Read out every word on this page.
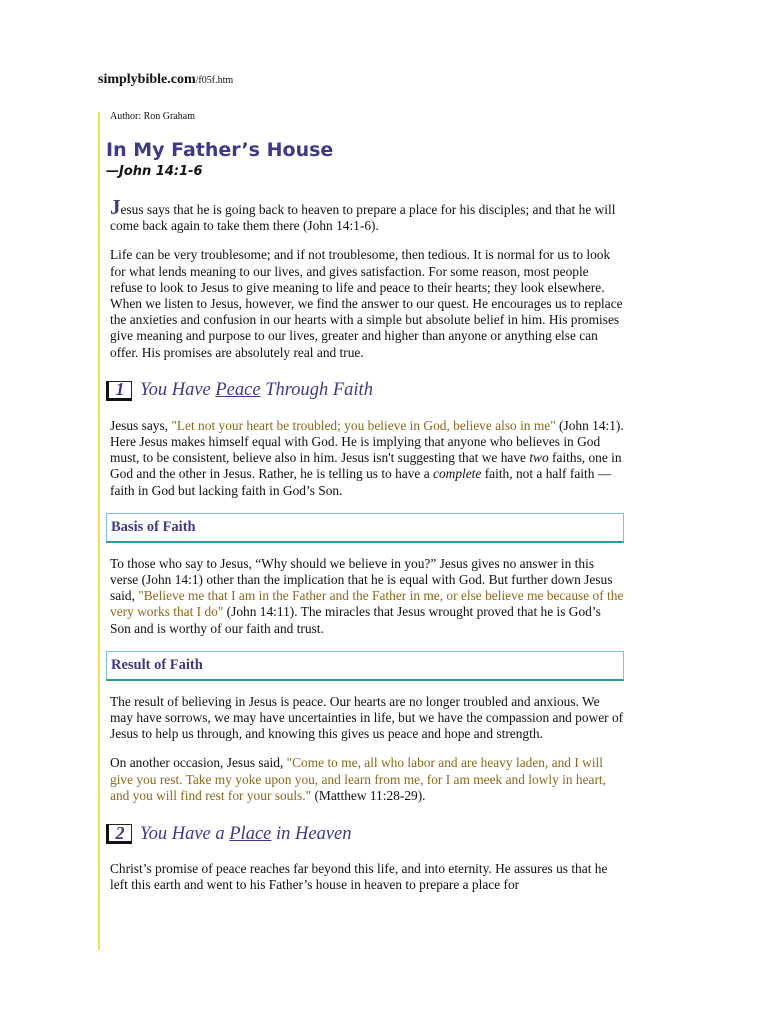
simplybible.com/f05f.htm
Author: Ron Graham
In My Father’s House
—John 14:1-6

Jesus says that he is going back to heaven to prepare a place for his disciples; and that he will come back again to take them there (John 14:1-6).

Life can be very troublesome; and if not troublesome, then tedious. It is normal for us to look for what lends meaning to our lives, and gives satisfaction. For some reason, most people refuse to look to Jesus to give meaning to life and peace to their hearts; they look elsewhere. When we listen to Jesus, however, we find the answer to our quest. He encourages us to replace the anxieties and confusion in our hearts with a simple but absolute belief in him. His promises give meaning and purpose to our lives, greater and higher than anyone or anything else can offer. His promises are absolutely real and true.

1 You Have Peace Through Faith

Jesus says, "Let not your heart be troubled; you believe in God, believe also in me" (John 14:1). Here Jesus makes himself equal with God. He is implying that anyone who believes in God must, to be consistent, believe also in him. Jesus isn't suggesting that we have two faiths, one in God and the other in Jesus. Rather, he is telling us to have a complete faith, not a half faith —faith in God but lacking faith in God’s Son.

Basis of Faith

To those who say to Jesus, “Why should we believe in you?” Jesus gives no answer in this verse (John 14:1) other than the implication that he is equal with God. But further down Jesus said, "Believe me that I am in the Father and the Father in me, or else believe me because of the very works that I do" (John 14:11). The miracles that Jesus wrought proved that he is God’s Son and is worthy of our faith and trust.

Result of Faith

The result of believing in Jesus is peace. Our hearts are no longer troubled and anxious. We may have sorrows, we may have uncertainties in life, but we have the compassion and power of Jesus to help us through, and knowing this gives us peace and hope and strength.

On another occasion, Jesus said, "Come to me, all who labor and are heavy laden, and I will give you rest. Take my yoke upon you, and learn from me, for I am meek and lowly in heart, and you will find rest for your souls." (Matthew 11:28-29).

2 You Have a Place in Heaven

Christ’s promise of peace reaches far beyond this life, and into eternity. He assures us that he left this earth and went to his Father’s house in heaven to prepare a place for
